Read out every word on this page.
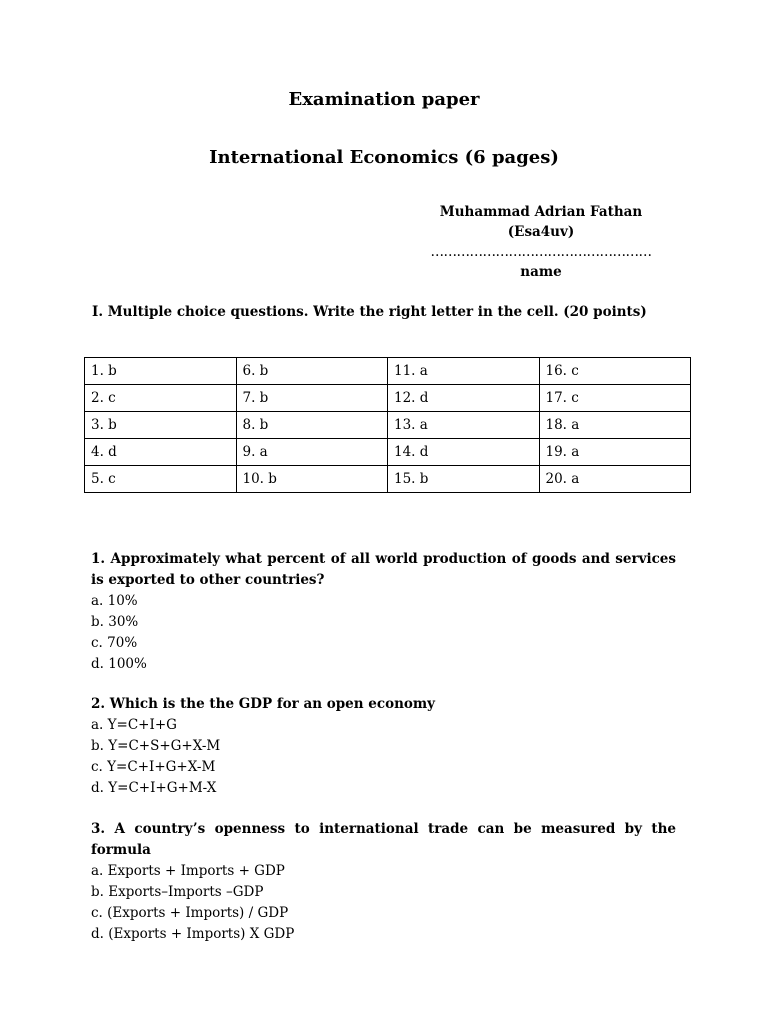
Examination paper
International Economics (6 pages)
Muhammad Adrian Fathan (Esa4uv)
……………………………………………
name
I. Multiple choice questions. Write the right letter in the cell. (20 points)
1. b	6. b	11. a	16. c
2. c	7. b	12. d	17. c
3. b	8. b	13. a	18. a
4. d	9. a	14. d	19. a
5. c	10. b	15. b	20. a
1. Approximately what percent of all world production of goods and services is exported to other countries?
a. 10%
b. 30%
c. 70%
d. 100%
2. Which is the the GDP for an open economy
a. Y=C+I+G
b. Y=C+S+G+X-M
c. Y=C+I+G+X-M
d. Y=C+I+G+M-X
3. A country’s openness to international trade can be measured by the formula
a. Exports + Imports + GDP
b. Exports–Imports –GDP
c. (Exports + Imports) / GDP
d. (Exports + Imports) X GDP
